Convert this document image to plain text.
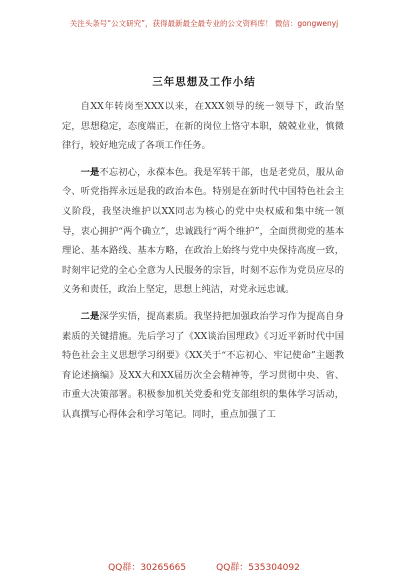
关注头条号“公文研究”，获得最新最全最专业的公文资料库！ 微信：gongwenyj
三年思想及工作小结

自XX年转岗至XXX以来，在XXX领导的统一领导下，政治坚定，思想稳定，态度端正，在新的岗位上恪守本职，兢兢业业，慎微律行，较好地完成了各项工作任务。

一是不忘初心，永葆本色。我是军转干部，也是老党员，服从命令、听党指挥永远是我的政治本色。特别是在新时代中国特色社会主义阶段，我坚决维护以XX同志为核心的党中央权威和集中统一领导，衷心拥护“两个确立”，忠诚践行“两个维护”，全面贯彻党的基本理论、基本路线、基本方略，在政治上始终与党中央保持高度一致，时刻牢记党的全心全意为人民服务的宗旨，时刻不忘作为党员应尽的义务和责任，政治上坚定，思想上纯洁，对党永远忠诚。

二是深学实悟，提高素质。我坚持把加强政治学习作为提高自身素质的关键措施。先后学习了《XX谈治国理政》《习近平新时代中国特色社会主义思想学习纲要》《XX关于“不忘初心、牢记使命”主题教育论述摘编》及XX大和XX届历次全会精神等，学习贯彻中央、省、市重大决策部署。积极参加机关党委和党支部组织的集体学习活动，认真撰写心得体会和学习笔记。同时，重点加强了工

QQ群：30265665	QQ群：535304092
